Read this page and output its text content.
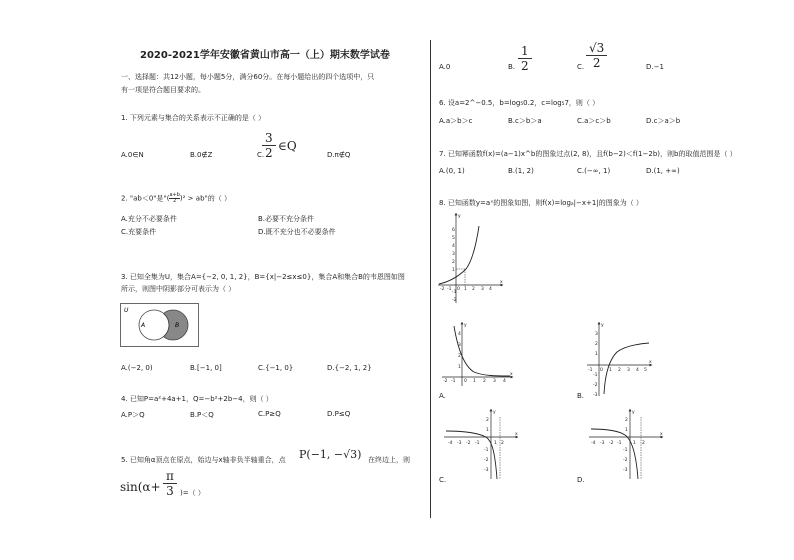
2020-2021学年安徽省黄山市高一（上）期末数学试卷
一、选择题：共12小题，每小题5分，满分60分。在每小题给出的四个选项中，只
有一项是符合题目要求的。
1. 下列元素与集合的关系表示不正确的是（ ）
A.0∈N	B.0∉Z	C.
$\frac{3}{2}$ ∈Q
D.π∉Q
2. "ab＜0"是"( $\frac{a+b}{2} )^2$ > ab"的（ ）
A.充分不必要条件	B.必要不充分条件
C.充要条件	D.既不充分也不必要条件
3. 已知全集为U，集合A={−2, 0, 1, 2}，B={x|−2≤x≤0}，集合A和集合B的韦恩图如图
所示，则图中阴影部分可表示为（ ）
U
A	B
A.(−2, 0)	B.[−1, 0]	C.{−1, 0}	D.{−2, 1, 2}
4. 已知P=a²+4a+1，Q=−b²+2b−4，则（ ）
A.P＞Q	B.P＜Q	C.P≥Q	D.P≤Q
5. 已知角α顶点在原点，始边与x轴非负半轴重合，点 P(−1, −√3) 在终边上，则
$\sin(\alpha+ \frac{\pi}{3}$ )=（ ）
A.0	B. $\frac{1}{2}$	C. $\frac{√3}{2}$	D.−1
6. 设a=2^−0.5，b=log₅0.2，c=log₅7，则（ ）
A.a＞b＞c	B.c＞b＞a	C.a＞c＞b	D.c＞a＞b
7. 已知幂函数f(x)=(a−1)x^b的图象过点(2, 8)，且f(b−2)＜f(1−2b)，则b的取值范围是（ ）
A.(0, 1)	B.(1, 2)	C.(−∞, 1)	D.(1, +∞)
8. 已知函数y=aˣ的图象如图，则f(x)=logₐ|−x+1|的图象为（ ）
y
x
6
5
4
3
2
1
-1
-2
-2 -1 0 1 2 3 4
y
x
4
3
2
1
-2 -1 0 1 2 3 4
A.
y
x
3
2
1
-1
-2
-3
-1 0 1 2 3 4 5
B.
y
x
2
1
-1
-2
-3
-4 -3 -2 -1	1 2
C.
y
x
2
1
-1
-2
-3
-4 -3 -2 -1	1 2
D.
